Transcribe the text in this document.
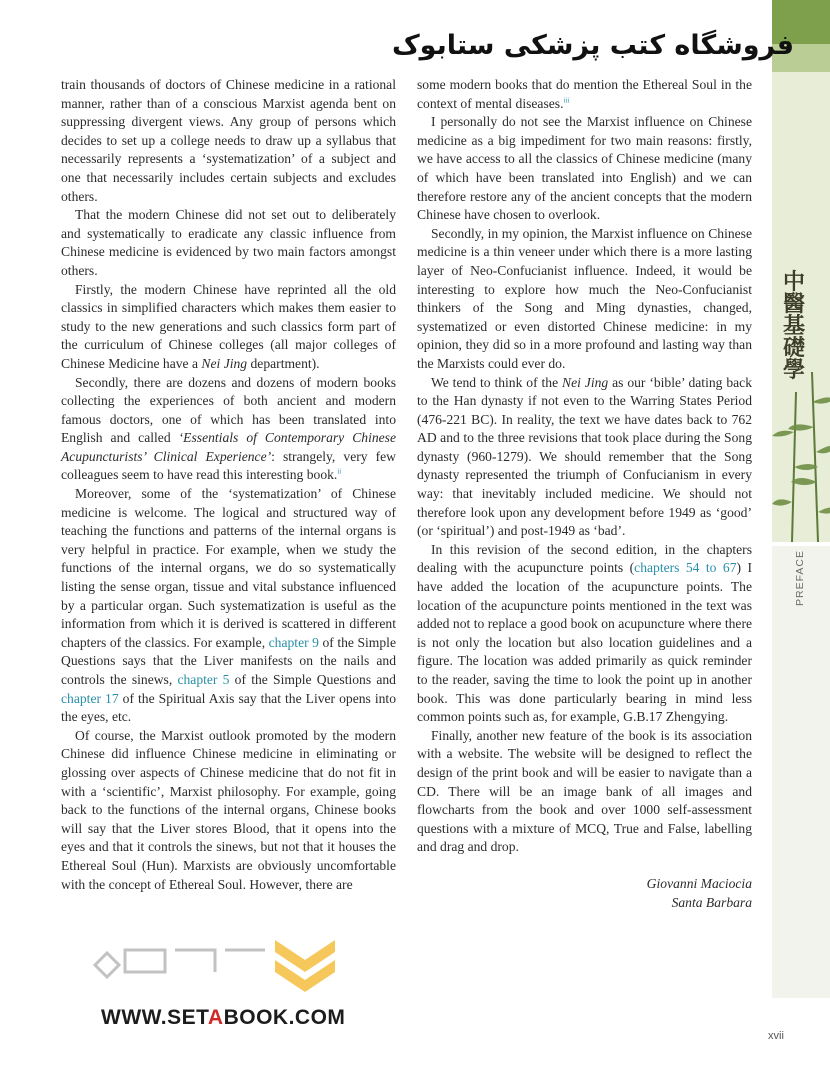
中醫基礎學
PREFACE
فروشگاه کتب پزشکی ستابوک

train thousands of doctors of Chinese medicine in a rational manner, rather than of a conscious Marxist agenda bent on suppressing divergent views. Any group of persons which decides to set up a college needs to draw up a syllabus that necessarily represents a ‘systematization’ of a subject and one that necessarily includes certain subjects and excludes others.

That the modern Chinese did not set out to deliberately and systematically to eradicate any classic influence from Chinese medicine is evidenced by two main factors amongst others.

Firstly, the modern Chinese have reprinted all the old classics in simplified characters which makes them easier to study to the new generations and such classics form part of the curriculum of Chinese colleges (all major colleges of Chinese Medicine have a Nei Jing department).

Secondly, there are dozens and dozens of modern books collecting the experiences of both ancient and modern famous doctors, one of which has been translated into English and called ‘Essentials of Contemporary Chinese Acupuncturists’ Clinical Experience’: strangely, very few colleagues seem to have read this interesting book.$^{ii}$

Moreover, some of the ‘systematization’ of Chinese medicine is welcome. The logical and structured way of teaching the functions and patterns of the internal organs is very helpful in practice. For example, when we study the functions of the internal organs, we do so systematically listing the sense organ, tissue and vital substance influenced by a particular organ. Such systematization is useful as the information from which it is derived is scattered in different chapters of the classics. For example, chapter 9 of the Simple Questions says that the Liver manifests on the nails and controls the sinews, chapter 5 of the Simple Questions and chapter 17 of the Spiritual Axis say that the Liver opens into the eyes, etc.

Of course, the Marxist outlook promoted by the modern Chinese did influence Chinese medicine in eliminating or glossing over aspects of Chinese medicine that do not fit in with a ‘scientific’, Marxist philosophy. For example, going back to the functions of the internal organs, Chinese books will say that the Liver stores Blood, that it opens into the eyes and that it controls the sinews, but not that it houses the Ethereal Soul (Hun). Marxists are obviously uncomfortable with the concept of Ethereal Soul. However, there are

some modern books that do mention the Ethereal Soul in the context of mental diseases.$^{iii}$

I personally do not see the Marxist influence on Chinese medicine as a big impediment for two main reasons: firstly, we have access to all the classics of Chinese medicine (many of which have been translated into English) and we can therefore restore any of the ancient concepts that the modern Chinese have chosen to overlook.

Secondly, in my opinion, the Marxist influence on Chinese medicine is a thin veneer under which there is a more lasting layer of Neo-Confucianist influence. Indeed, it would be interesting to explore how much the Neo-Confucianist thinkers of the Song and Ming dynasties, changed, systematized or even distorted Chinese medicine: in my opinion, they did so in a more profound and lasting way than the Marxists could ever do.

We tend to think of the Nei Jing as our ‘bible’ dating back to the Han dynasty if not even to the Warring States Period (476-221 BC). In reality, the text we have dates back to 762 AD and to the three revisions that took place during the Song dynasty (960-1279). We should remember that the Song dynasty represented the triumph of Confucianism in every way: that inevitably included medicine. We should not therefore look upon any development before 1949 as ‘good’ (or ‘spiritual’) and post-1949 as ‘bad’.

In this revision of the second edition, in the chapters dealing with the acupuncture points (chapters 54 to 67) I have added the location of the acupuncture points. The location of the acupuncture points mentioned in the text was added not to replace a good book on acupuncture where there is not only the location but also location guidelines and a figure. The location was added primarily as quick reminder to the reader, saving the time to look the point up in another book. This was done particularly bearing in mind less common points such as, for example, G.B.17 Zhengying.

Finally, another new feature of the book is its association with a website. The website will be designed to reflect the design of the print book and will be easier to navigate than a CD. There will be an image bank of all images and flowcharts from the book and over 1000 self-assessment questions with a mixture of MCQ, True and False, labelling and drag and drop.

Giovanni Maciocia

Santa Barbara

WWW.SETABOOK.COM
xvii
